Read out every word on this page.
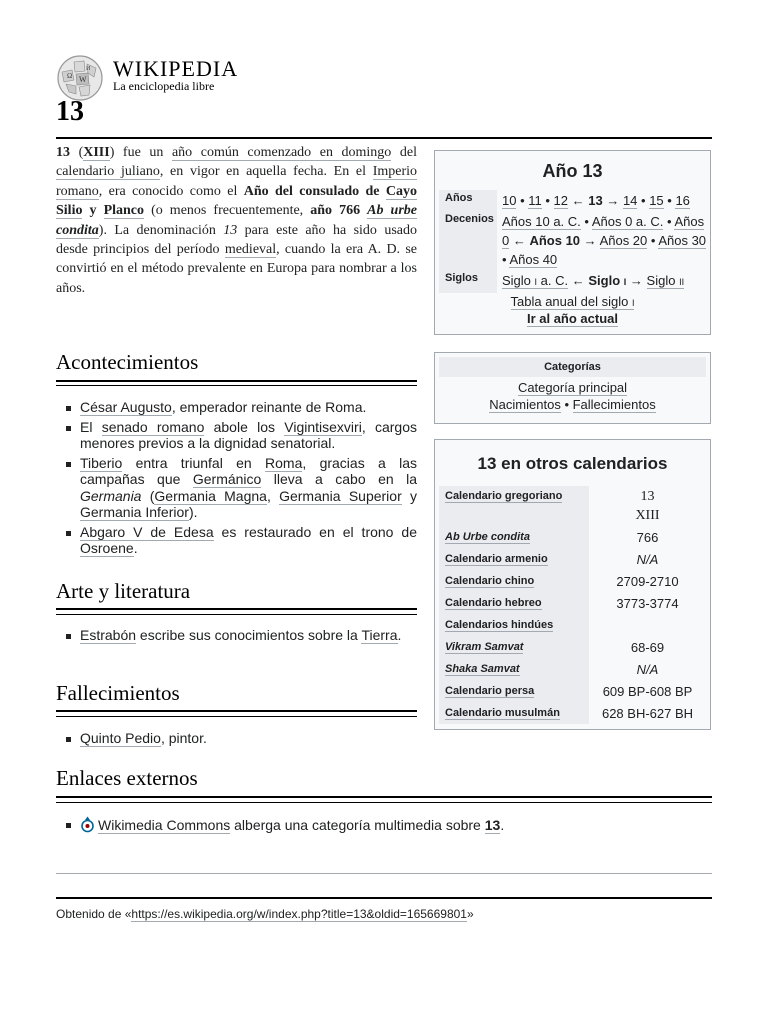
Ω W
И WIKIPEDIA
La enciclopedia libre
13
13 (XIII) fue un año común comenzado en domingo del calendario juliano, en vigor en aquella fecha. En el Imperio romano, era conocido como el Año del consulado de Cayo Silio y Planco (o menos frecuentemente, año 766 Ab urbe condita). La denominación 13 para este año ha sido usado desde principios del período medieval, cuando la era A. D. se convirtió en el método prevalente en Europa para nombrar a los años.
Acontecimientos
César Augusto, emperador reinante de Roma.
El senado romano abole los Vigintisexviri, cargos menores previos a la dignidad senatorial.
Tiberio entra triunfal en Roma, gracias a las campañas que Germánico lleva a cabo en la Germania (Germania Magna, Germania Superior y Germania Inferior).
Abgaro V de Edesa es restaurado en el trono de Osroene.
Arte y literatura
Estrabón escribe sus conocimientos sobre la Tierra.
Fallecimientos
Quinto Pedio, pintor.
Enlaces externos
Wikimedia Commons alberga una categoría multimedia sobre 13.
Año 13
Años	10 • 11 • 12 ← 13 → 14 • 15 • 16
Decenios Años 10 a. C. • Años 0 a. C. • Años 0 ← Años 10 → Años 20 • Años 30 • Años 40
Siglos	Siglo I a. C. ← Siglo I → Siglo II
Tabla anual del siglo I
Ir al año actual
Categorías
Categoría principal
Nacimientos • Fallecimientos
13 en otros calendarios
Calendario gregoriano	13
XIII
Ab Urbe condita	766
Calendario armenio	N/A
Calendario chino	2709-2710
Calendario hebreo	3773-3774
Calendarios hindúes
Vikram Samvat	68-69
Shaka Samvat	N/A
Calendario persa	609 BP-608 BP
Calendario musulmán	628 BH-627 BH
Obtenido de «https://es.wikipedia.org/w/index.php?title=13&oldid=165669801»
